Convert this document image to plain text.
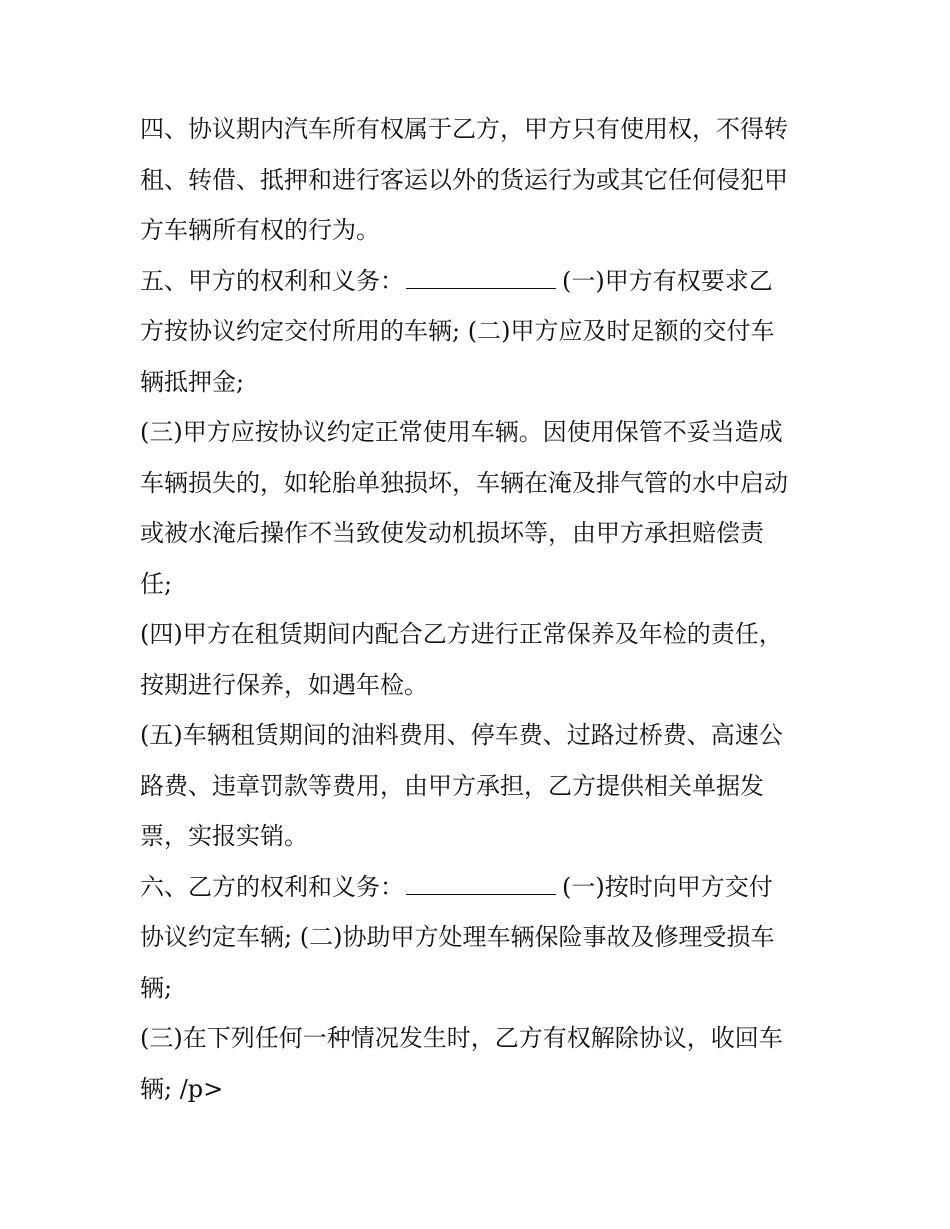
四、协议期内汽车所有权属于乙方，甲方只有使用权，不得转
租、转借、抵押和进行客运以外的货运行为或其它任何侵犯甲
方车辆所有权的行为。
五、甲方的权利和义务：	(一)甲方有权要求乙
方按协议约定交付所用的车辆; (二)甲方应及时足额的交付车
辆抵押金;
(三)甲方应按协议约定正常使用车辆。因使用保管不妥当造成
车辆损失的，如轮胎单独损坏，车辆在淹及排气管的水中启动
或被水淹后操作不当致使发动机损坏等，由甲方承担赔偿责
任;
(四)甲方在租赁期间内配合乙方进行正常保养及年检的责任，
按期进行保养，如遇年检。
(五)车辆租赁期间的油料费用、停车费、过路过桥费、高速公
路费、违章罚款等费用，由甲方承担，乙方提供相关单据发
票，实报实销。
六、乙方的权利和义务：	(一)按时向甲方交付
协议约定车辆; (二)协助甲方处理车辆保险事故及修理受损车
辆;
(三)在下列任何一种情况发生时，乙方有权解除协议，收回车
辆; /p>
